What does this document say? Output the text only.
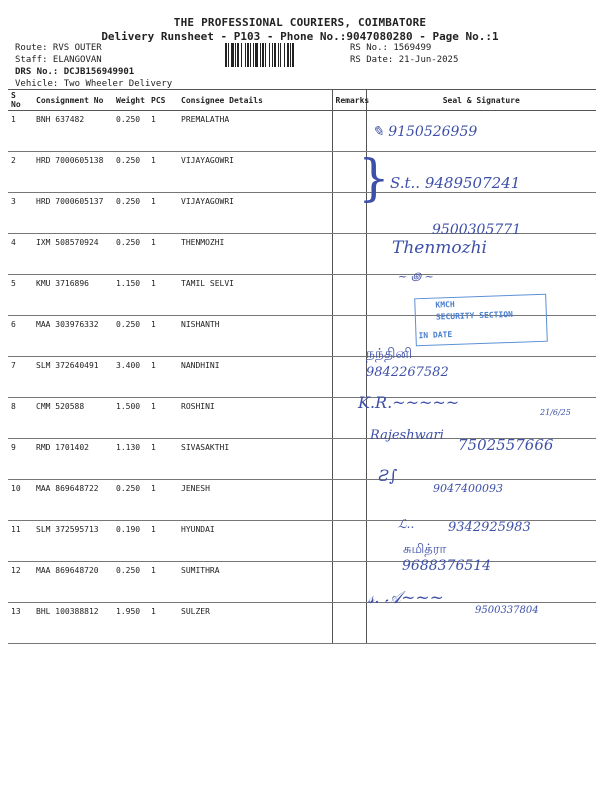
THE PROFESSIONAL COURIERS, COIMBATORE
Delivery Runsheet - P103 - Phone No.:9047080280 - Page No.:1
Route: RVS OUTER
Staff: ELANGOVAN
DRS No.: DCJB156949901
Vehicle: Two Wheeler Delivery
RS No.: 1569499
RS Date: 21-Jun-2025
S No	Consignment No	Weight	PCS	Consignee Details	Remarks	Seal & Signature
1	BNH 637482	0.250	1	PREMALATHA		
2	HRD 7000605138	0.250	1	VIJAYAGOWRI		
3	HRD 7000605137	0.250	1	VIJAYAGOWRI		
4	IXM 508570924	0.250	1	THENMOZHI		
5	KMU 3716896	1.150	1	TAMIL SELVI		
6	MAA 303976332	0.250	1	NISHANTH		
7	SLM 372640491	3.400	1	NANDHINI		
8	CMM 520588	1.500	1	ROSHINI		
9	RMD 1701402	1.130	1	SIVASAKTHI		
10	MAA 869648722	0.250	1	JENESH		
11	SLM 372595713	0.190	1	HYUNDAI		
12	MAA 869648720	0.250	1	SUMITHRA		
13	BHL 100388812	1.950	1	SULZER		
✎ 9150526959
} S.t.. 9489507241
9500305771
Thenmozhi
~ ꩜ ~
KMCH
SECURITY SECTION
IN DATE
நந்தினி
9842267582
K.R.~~~~~
21/6/25
Rajeshwari
7502557666
Ƨ∫
9047400093
ℒ..	9342925983
சுமித்ரா
9688376514
𝓈. 𝒜~~~
9500337804
